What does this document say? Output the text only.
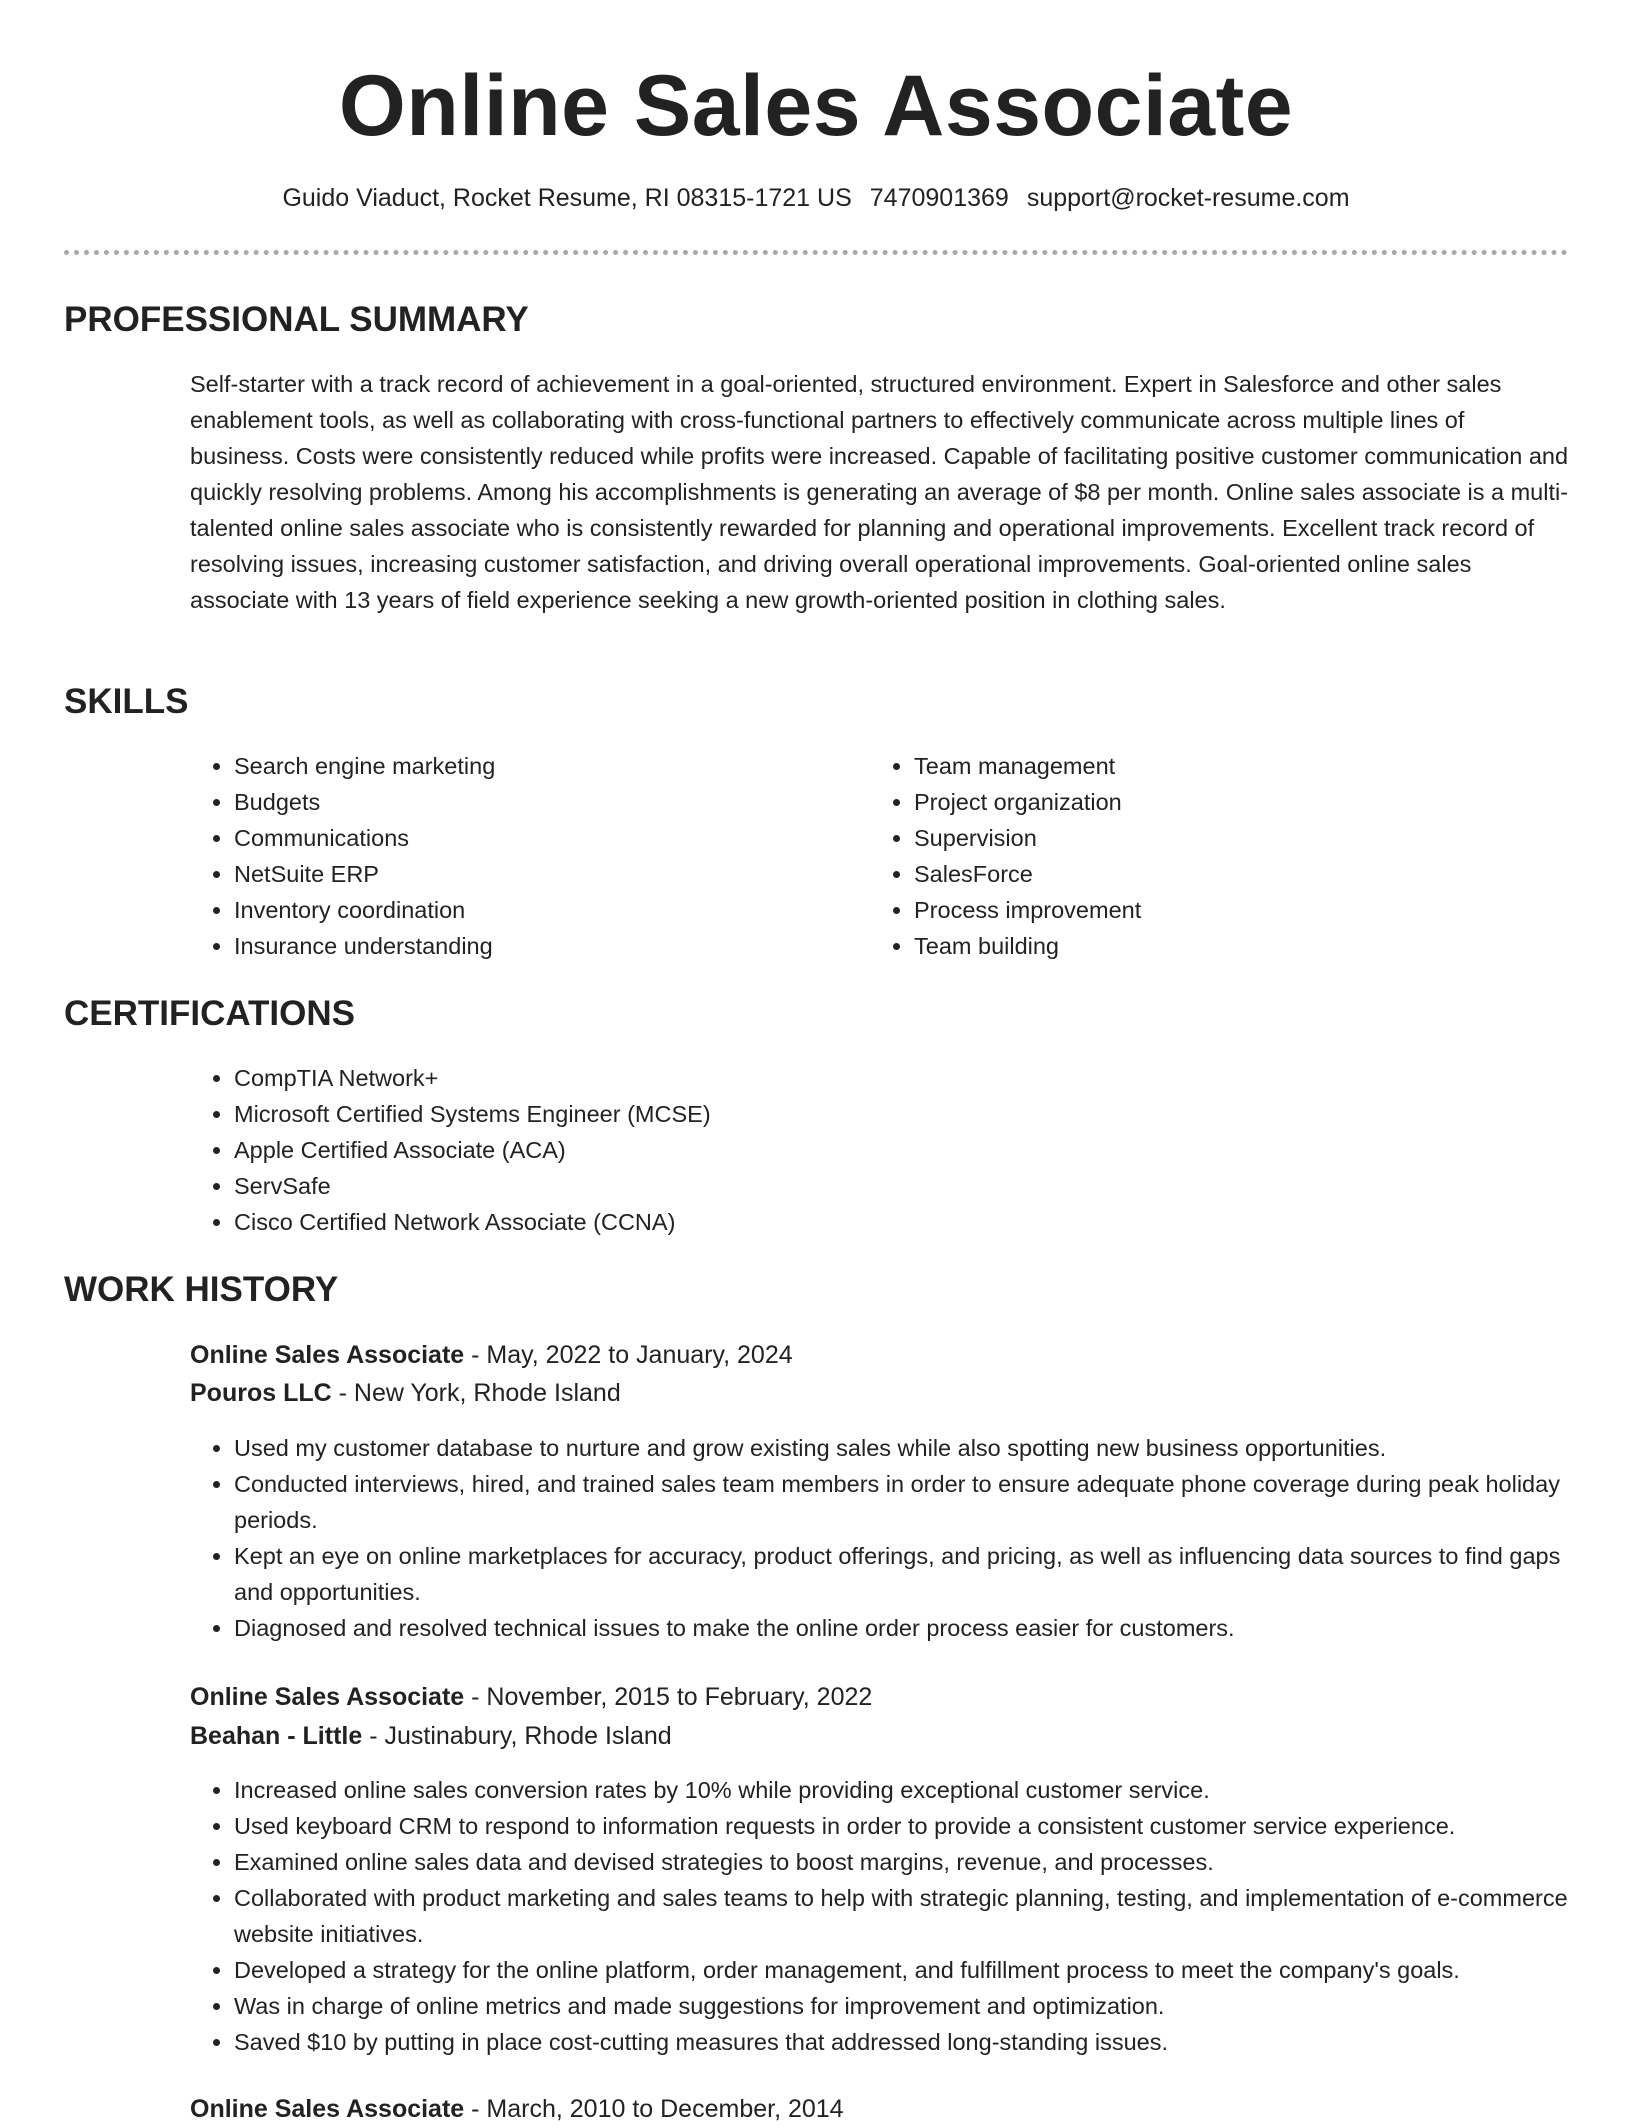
Online Sales Associate
Guido Viaduct, Rocket Resume, RI 08315-1721 US 7470901369 support@rocket-resume.com
PROFESSIONAL SUMMARY

Self-starter with a track record of achievement in a goal-oriented, structured environment. Expert in Salesforce and other sales enablement tools, as well as collaborating with cross-functional partners to effectively communicate across multiple lines of business. Costs were consistently reduced while profits were increased. Capable of facilitating positive customer communication and quickly resolving problems. Among his accomplishments is generating an average of $8 per month. Online sales associate is a multi-talented online sales associate who is consistently rewarded for planning and operational improvements. Excellent track record of resolving issues, increasing customer satisfaction, and driving overall operational improvements. Goal-oriented online sales associate with 13 years of field experience seeking a new growth-oriented position in clothing sales.

SKILLS
• Search engine marketing
• Budgets
• Communications
• NetSuite ERP
• Inventory coordination
• Insurance understanding
• Team management
• Project organization
• Supervision
• SalesForce
• Process improvement
• Team building
CERTIFICATIONS
• CompTIA Network+
• Microsoft Certified Systems Engineer (MCSE)
• Apple Certified Associate (ACA)
• ServSafe
• Cisco Certified Network Associate (CCNA)
WORK HISTORY
Online Sales Associate - May, 2022 to January, 2024
Pouros LLC - New York, Rhode Island
• Used my customer database to nurture and grow existing sales while also spotting new business opportunities.
• Conducted interviews, hired, and trained sales team members in order to ensure adequate phone coverage during peak holiday periods.
• Kept an eye on online marketplaces for accuracy, product offerings, and pricing, as well as influencing data sources to find gaps and opportunities.
• Diagnosed and resolved technical issues to make the online order process easier for customers.
Online Sales Associate - November, 2015 to February, 2022
Beahan - Little - Justinabury, Rhode Island
• Increased online sales conversion rates by 10% while providing exceptional customer service.
• Used keyboard CRM to respond to information requests in order to provide a consistent customer service experience.
• Examined online sales data and devised strategies to boost margins, revenue, and processes.
• Collaborated with product marketing and sales teams to help with strategic planning, testing, and implementation of e-commerce website initiatives.
• Developed a strategy for the online platform, order management, and fulfillment process to meet the company's goals.
• Was in charge of online metrics and made suggestions for improvement and optimization.
• Saved $10 by putting in place cost-cutting measures that addressed long-standing issues.
Online Sales Associate - March, 2010 to December, 2014
